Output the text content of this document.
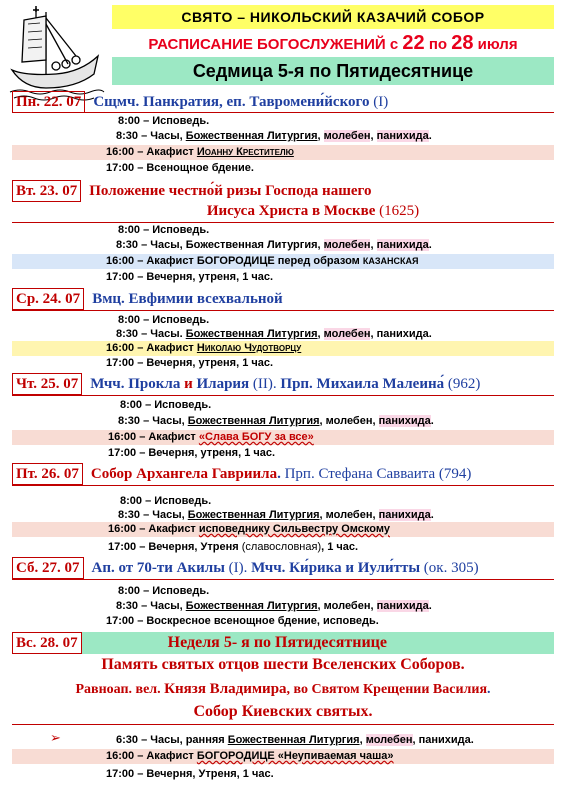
СВЯТО – НИКОЛЬСКИЙ КАЗАЧИЙ СОБОР
РАСПИСАНИЕ БОГОСЛУЖЕНИЙ с 22 по 28 июля
Седмица 5-я по Пятидесятнице
Пн. 22. 07 Сщмч. Панкратия, еп. Тавромени́йского (I)
8:00 – Исповедь.
8:30 – Часы, Божественная Литургия, молебен, панихида.
16:00 – Акафист Иоанну Крестителю
17:00 – Всенощное бдение.
Вт. 23. 07 Положение честно́й ризы Господа нашего
Иисуса Христа в Москве (1625)
8:00 – Исповедь.
8:30 – Часы, Божественная Литургия, молебен, панихида.
16:00 – Акафист БОГОРОДИЦЕ перед образом КАЗАНСКАЯ
17:00 – Вечерня, утреня, 1 час.
Ср. 24. 07 Вмц. Евфимии всехвальной
8:00 – Исповедь.
8:30 – Часы. Божественная Литургия, молебен, панихида.
16:00 – Акафист Николаю Чудотворцу
17:00 – Вечерня, утреня, 1 час.
Чт. 25. 07 Мчч. Прокла и Илария (II). Прп. Михаила Малеина́ (962)
8:00 – Исповедь.
8:30 – Часы, Божественная Литургия, молебен, панихида.
16:00 – Акафист «Слава БОГУ за все»
17:00 – Вечерня, утреня, 1 час.
Пт. 26. 07 Собор Архангела Гавриила. Прп. Стефана Савваита (794)
8:00 – Исповедь.
8:30 – Часы, Божественная Литургия, молебен, панихида.
16:00 – Акафист исповеднику Сильвестру Омскому
17:00 – Вечерня, Утреня (славословная), 1 час.
Сб. 27. 07 Ап. от 70-ти Акилы (I). Мчч. Ки́рика и Иули́тты (ок. 305)
8:00 – Исповедь.
8:30 – Часы, Божественная Литургия, молебен, панихида.
17:00 – Воскресное всенощное бдение, исповедь.
Вс. 28. 07	Неделя 5- я по Пятидесятнице
Память святых отцов шести Вселенских Соборов.
Равноап. вел. Князя Владимира, во Святом Крещении Василия.
Собор Киевских святых.
➢	6:30 – Часы, ранняя Божественная Литургия, молебен, панихида.
16:00 – Акафист БОГОРОДИЦЕ «Неупиваемая чаша»
17:00 – Вечерня, Утреня, 1 час.
